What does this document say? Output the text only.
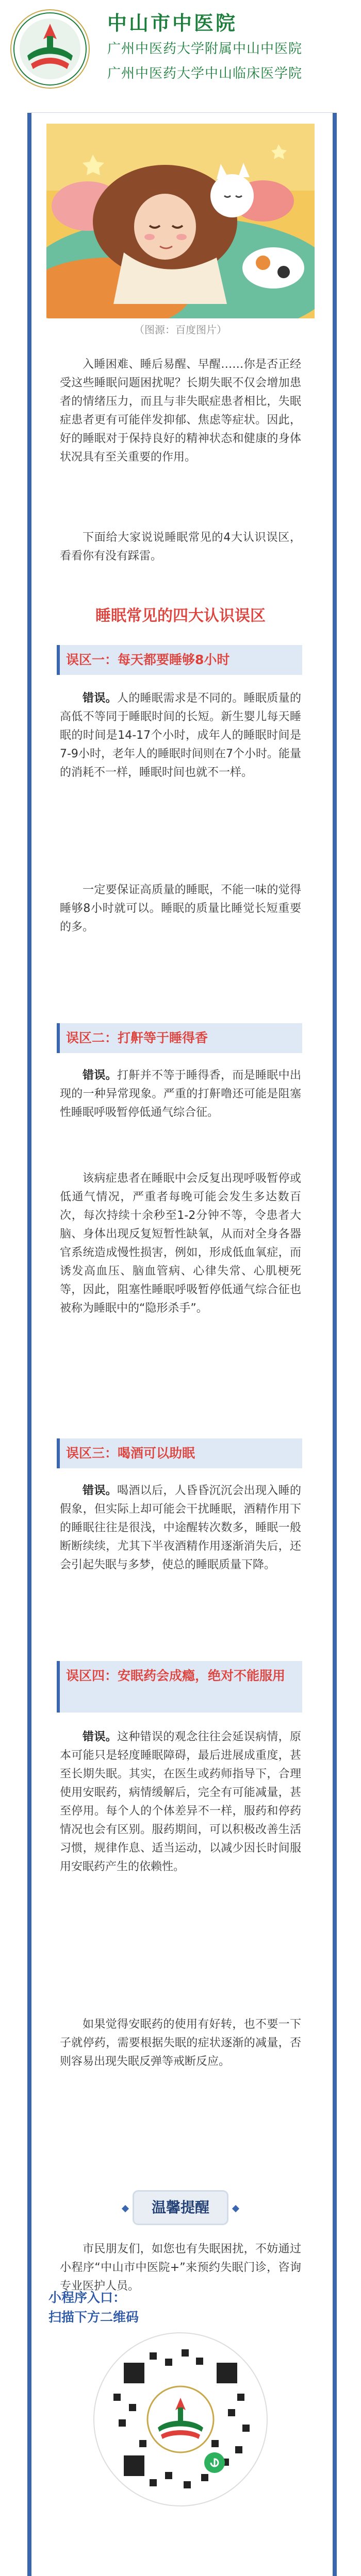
中山市中医院
广州中医药大学附属中山中医院
广州中医药大学中山临床医学院
（图源：百度图片）
入睡困难、睡后易醒、早醒……你是否正经受这些睡眠问题困扰呢？长期失眠不仅会增加患者的情绪压力，而且与非失眠症患者相比，失眠症患者更有可能伴发抑郁、焦虑等症状。因此，好的睡眠对于保持良好的精神状态和健康的身体状况具有至关重要的作用。
下面给大家说说睡眠常见的4大认识误区，看看你有没有踩雷。
睡眠常见的四大认识误区
误区一：每天都要睡够8小时
错误。人的睡眠需求是不同的。睡眠质量的高低不等同于睡眠时间的长短。新生婴儿每天睡眠的时间是14-17个小时，成年人的睡眠时间是7-9小时，老年人的睡眠时间则在7个小时。能量的消耗不一样，睡眠时间也就不一样。
一定要保证高质量的睡眠，不能一味的觉得睡够8小时就可以。睡眠的质量比睡觉长短重要的多。
误区二：打鼾等于睡得香
错误。打鼾并不等于睡得香，而是睡眠中出现的一种异常现象。严重的打鼾噜还可能是阻塞性睡眠呼吸暂停低通气综合征。
该病症患者在睡眠中会反复出现呼吸暂停或低通气情况，严重者每晚可能会发生多达数百次，每次持续十余秒至1-2分钟不等，令患者大脑、身体出现反复短暂性缺氧，从而对全身各器官系统造成慢性损害，例如，形成低血氧症，而诱发高血压、脑血管病、心律失常、心肌梗死等，因此，阻塞性睡眠呼吸暂停低通气综合征也被称为睡眠中的“隐形杀手”。
误区三：喝酒可以助眠
错误。喝酒以后，人昏昏沉沉会出现入睡的假象，但实际上却可能会干扰睡眠，酒精作用下的睡眠往往是很浅，中途醒转次数多，睡眠一般断断续续，尤其下半夜酒精作用逐渐消失后，还会引起失眠与多梦，使总的睡眠质量下降。
误区四：安眠药会成瘾，绝对不能服用
错误。这种错误的观念往往会延误病情，原本可能只是轻度睡眠障碍，最后进展成重度，甚至长期失眠。其实，在医生或药师指导下，合理使用安眠药，病情缓解后，完全有可能减量，甚至停用。每个人的个体差异不一样，服药和停药情况也会有区别。服药期间，可以积极改善生活习惯，规律作息、适当运动，以减少因长时间服用安眠药产生的依赖性。
如果觉得安眠药的使用有好转，也不要一下子就停药，需要根据失眠的症状逐渐的减量，否则容易出现失眠反弹等戒断反应。
温馨提醒
市民朋友们，如您也有失眠困扰，不妨通过小程序“中山市中医院+”来预约失眠门诊，咨询专业医护人员。
小程序入口：
扫描下方二维码
